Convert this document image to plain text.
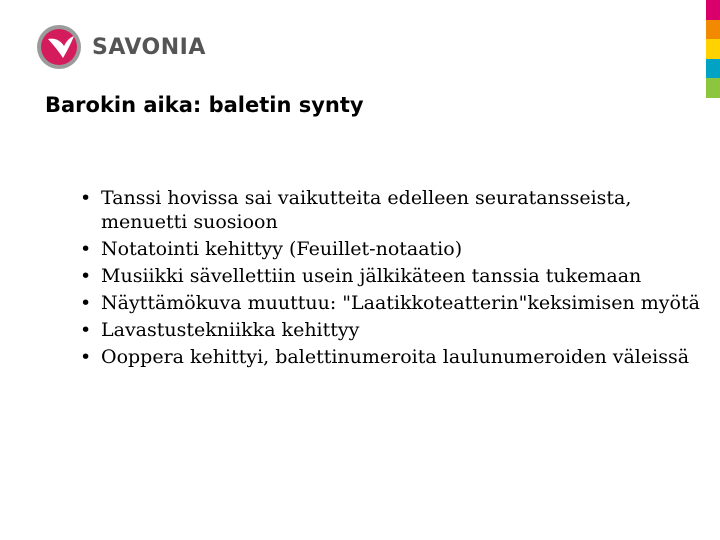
SAVONIA
Barokin aika: baletin synty
• Tanssi hovissa sai vaikutteita edelleen seuratansseista, menuetti suosioon
• Notatointi kehittyy (Feuillet-notaatio)
• Musiikki sävellettiin usein jälkikäteen tanssia tukemaan
• Näyttämökuva muuttuu: "Laatikkoteatterin"keksimisen myötä
• Lavastustekniikka kehittyy
• Ooppera kehittyi, balettinumeroita laulunumeroiden väleissä
